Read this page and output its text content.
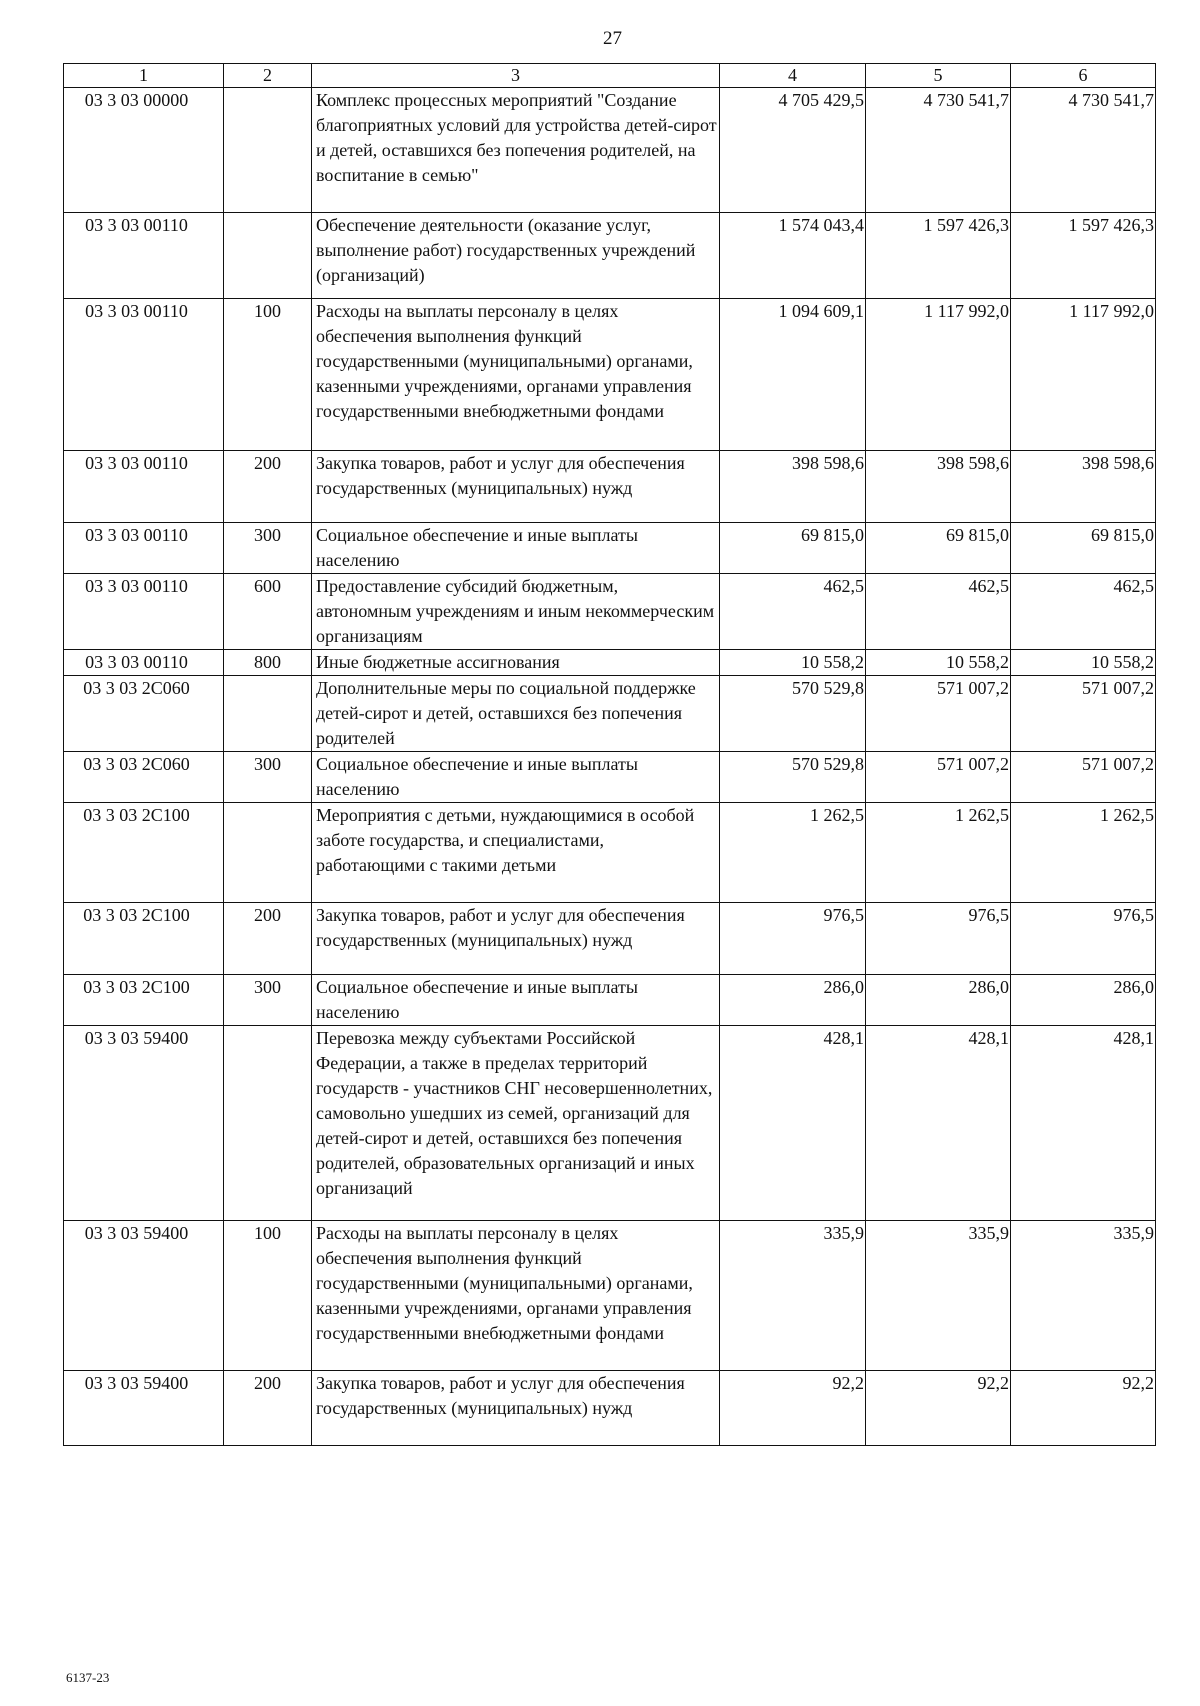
27
1	2	3	4	5	6
03 3 03 00000		Комплекс процессных мероприятий "Создание благоприятных условий для устройства детей-сирот и детей, оставшихся без попечения родителей, на воспитание в семью"	4 705 429,5	4 730 541,7	4 730 541,7
03 3 03 00110		Обеспечение деятельности (оказание услуг, выполнение работ) государственных учреждений (организаций)	1 574 043,4	1 597 426,3	1 597 426,3
03 3 03 00110	100	Расходы на выплаты персоналу в целях обеспечения выполнения функций государственными (муниципальными) органами, казенными учреждениями, органами управления государственными внебюджетными фондами	1 094 609,1	1 117 992,0	1 117 992,0
03 3 03 00110	200	Закупка товаров, работ и услуг для обеспечения государственных (муниципальных) нужд	398 598,6	398 598,6	398 598,6
03 3 03 00110	300	Социальное обеспечение и иные выплаты населению	69 815,0	69 815,0	69 815,0
03 3 03 00110	600	Предоставление субсидий бюджетным, автономным учреждениям и иным некоммерческим организациям	462,5	462,5	462,5
03 3 03 00110	800	Иные бюджетные ассигнования	10 558,2	10 558,2	10 558,2
03 3 03 2С060		Дополнительные меры по социальной поддержке детей-сирот и детей, оставшихся без попечения родителей	570 529,8	571 007,2	571 007,2
03 3 03 2С060	300	Социальное обеспечение и иные выплаты населению	570 529,8	571 007,2	571 007,2
03 3 03 2С100		Мероприятия с детьми, нуждающимися в особой заботе государства, и специалистами, работающими с такими детьми	1 262,5	1 262,5	1 262,5
03 3 03 2С100	200	Закупка товаров, работ и услуг для обеспечения государственных (муниципальных) нужд	976,5	976,5	976,5
03 3 03 2С100	300	Социальное обеспечение и иные выплаты населению	286,0	286,0	286,0
03 3 03 59400		Перевозка между субъектами Российской Федерации, а также в пределах территорий государств - участников СНГ несовершеннолетних, самовольно ушедших из семей, организаций для детей-сирот и детей, оставшихся без попечения родителей, образовательных организаций и иных организаций	428,1	428,1	428,1
03 3 03 59400	100	Расходы на выплаты персоналу в целях обеспечения выполнения функций государственными (муниципальными) органами, казенными учреждениями, органами управления государственными внебюджетными фондами	335,9	335,9	335,9
03 3 03 59400	200	Закупка товаров, работ и услуг для обеспечения государственных (муниципальных) нужд	92,2	92,2	92,2
6137-23
